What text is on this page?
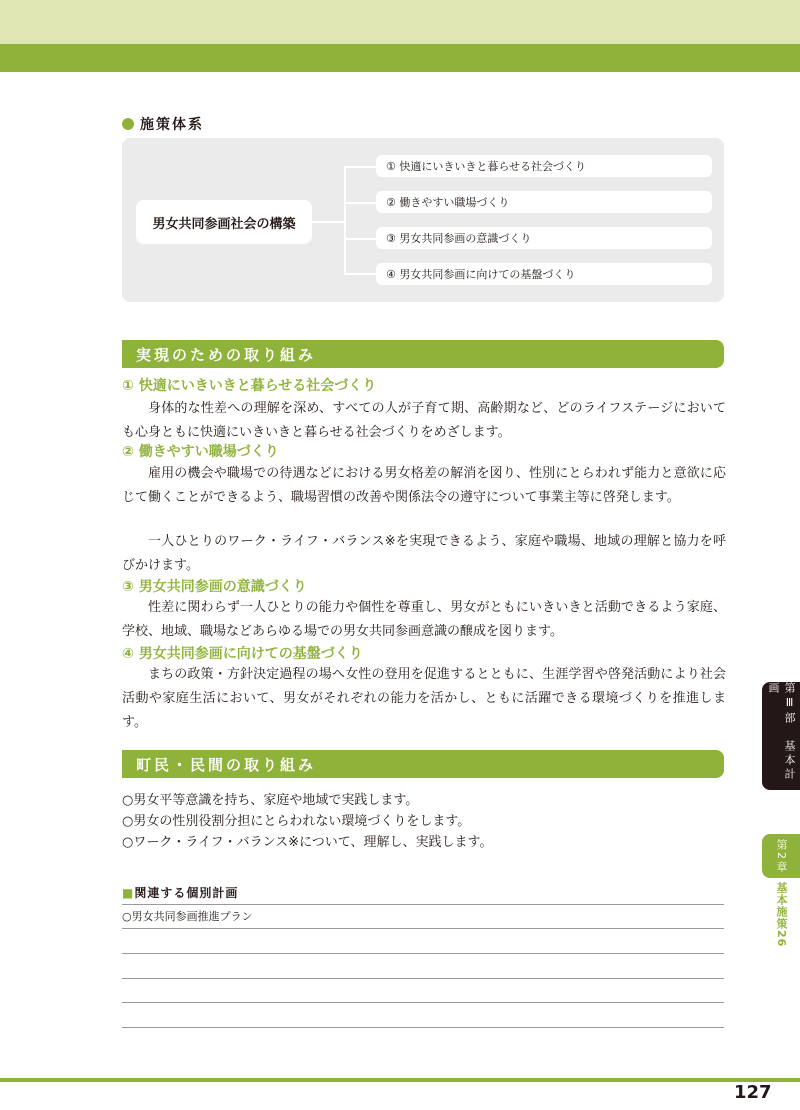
施策体系
男女共同参画社会の構築
① 快適にいきいきと暮らせる社会づくり
② 働きやすい職場づくり
③ 男女共同参画の意識づくり
④ 男女共同参画に向けての基盤づくり
実現のための取り組み
① 快適にいきいきと暮らせる社会づくり
身体的な性差への理解を深め、すべての人が子育て期、高齢期など、どのライフステージにおいても心身ともに快適にいきいきと暮らせる社会づくりをめざします。
② 働きやすい職場づくり
雇用の機会や職場での待遇などにおける男女格差の解消を図り、性別にとらわれず能力と意欲に応じて働くことができるよう、職場習慣の改善や関係法令の遵守について事業主等に啓発します。
一人ひとりのワーク・ライフ・バランス※を実現できるよう、家庭や職場、地域の理解と協力を呼びかけます。
③ 男女共同参画の意識づくり
性差に関わらず一人ひとりの能力や個性を尊重し、男女がともにいきいきと活動できるよう家庭、学校、地域、職場などあらゆる場での男女共同参画意識の醸成を図ります。
④ 男女共同参画に向けての基盤づくり
まちの政策・方針決定過程の場へ女性の登用を促進するとともに、生涯学習や啓発活動により社会活動や家庭生活において、男女がそれぞれの能力を活かし、ともに活躍できる環境づくりを推進します。
町民・民間の取り組み
○男女平等意識を持ち、家庭や地域で実践します。
○男女の性別役割分担にとらわれない環境づくりをします。
○ワーク・ライフ・バランス※について、理解し、実践します。
■関連する個別計画
○男女共同参画推進プラン
第Ⅲ部　基本計画
第2章
基本施策26
127
